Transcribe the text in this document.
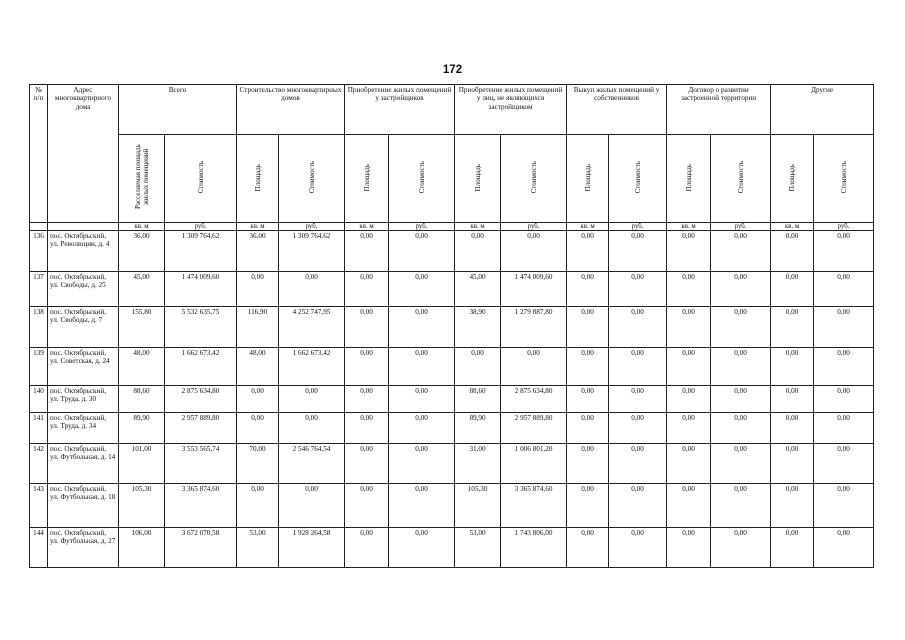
172
№ п/п	Адрес многоквартирного дома	Всего		Строительство многоквартирных домов		Приобретение жилых помещений у застройщиков		Приобретение жилых помещений у лиц, не являющихся застройщиком		Выкуп жилых помещений у собственников		Договор о развитии застроенной территории		Другие	
		Расселяемая площадь жилых помещений	Стоимость	Площадь	Стоимость	Площадь	Стоимость	Площадь	Стоимость	Площадь	Стоимость	Площадь	Стоимость	Площадь	Стоимость
		кв. м	руб.	кв. м	руб.	кв. м	руб.	кв. м	руб.	кв. м	руб.	кв. м	руб.	кв. м	руб.
136	пос. Октябрьский, ул. Революции, д. 4	36,00	1 309 764,62	36,00	1 309 764,62	0,00	0,00	0,00	0,00	0,00	0,00	0,00	0,00	0,00	0,00
137	пос. Октябрьский, ул. Свободы, д. 25	45,00	1 474 009,60	0,00	0,00	0,00	0,00	45,00	1 474 009,60	0,00	0,00	0,00	0,00	0,00	0,00
138	пос. Октябрьский, ул. Свободы, д. 7	155,80	5 532 635,75	116,90	4 252 747,95	0,00	0,00	38,90	1 279 887,80	0,00	0,00	0,00	0,00	0,00	0,00
139	пос. Октябрьский, ул. Советская, д. 24	48,00	1 662 673,42	48,00	1 662 673,42	0,00	0,00	0,00	0,00	0,00	0,00	0,00	0,00	0,00	0,00
140	пос. Октябрьский, ул. Труда, д. 30	88,60	2 875 634,80	0,00	0,00	0,00	0,00	88,60	2 875 634,80	0,00	0,00	0,00	0,00	0,00	0,00
141	пос. Октябрьский, ул. Труда, д. 34	89,90	2 957 889,80	0,00	0,00	0,00	0,00	89,90	2 957 889,80	0,00	0,00	0,00	0,00	0,00	0,00
142	пос. Октябрьский, ул. Футбольная, д. 14	101,00	3 553 565,74	70,00	2 546 764,54	0,00	0,00	31,00	1 006 801,20	0,00	0,00	0,00	0,00	0,00	0,00
143	пос. Октябрьский, ул. Футбольная, д. 18	105,30	3 365 874,60	0,00	0,00	0,00	0,00	105,30	3 365 874,60	0,00	0,00	0,00	0,00	0,00	0,00
144	пос. Октябрьский, ул. Футбольная, д. 27	106,00	3 672 070,58	53,00	1 928 264,58	0,00	0,00	53,00	1 743 806,00	0,00	0,00	0,00	0,00	0,00	0,00
